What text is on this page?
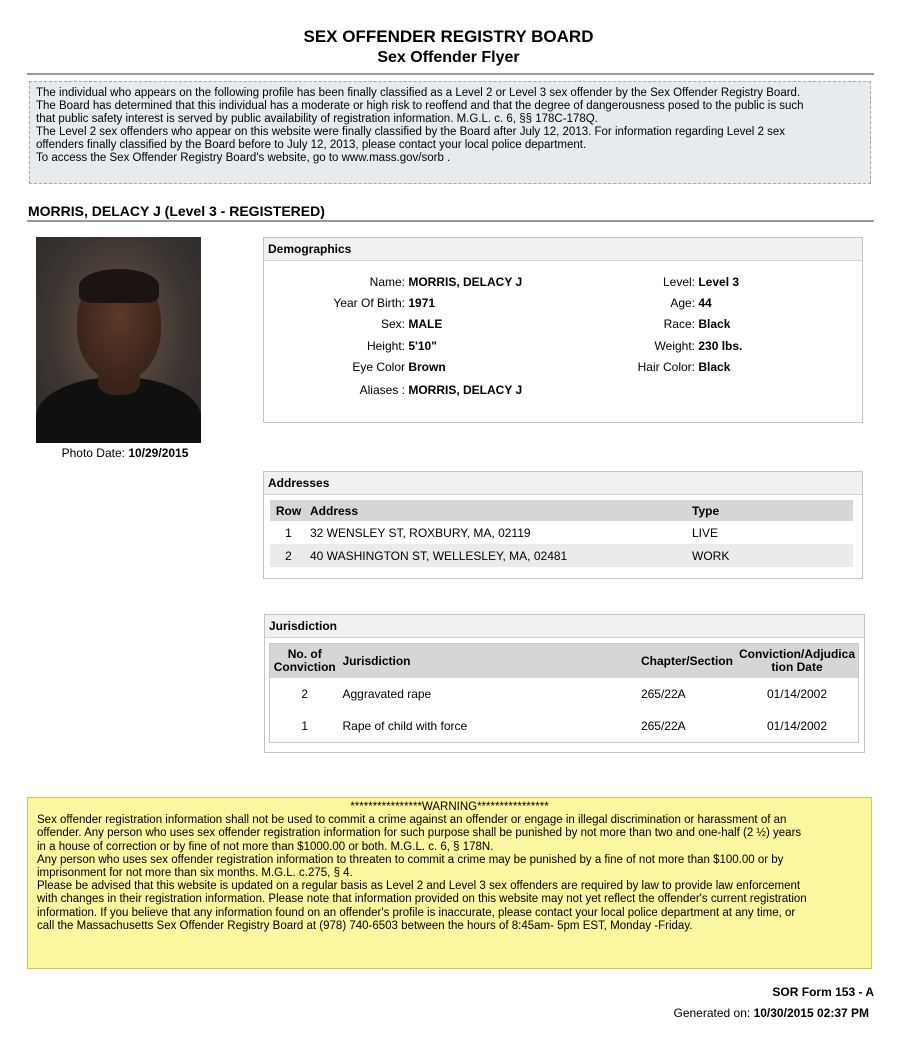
SEX OFFENDER REGISTRY BOARD
Sex Offender Flyer
The individual who appears on the following profile has been finally classified as a Level 2 or Level 3 sex offender by the Sex Offender Registry Board.
The Board has determined that this individual has a moderate or high risk to reoffend and that the degree of dangerousness posed to the public is such
that public safety interest is served by public availability of registration information. M.G.L. c. 6, §§ 178C-178Q.
The Level 2 sex offenders who appear on this website were finally classified by the Board after July 12, 2013. For information regarding Level 2 sex
offenders finally classified by the Board before to July 12, 2013, please contact your local police department.
To access the Sex Offender Registry Board's website, go to www.mass.gov/sorb .
MORRIS, DELACY J (Level 3 - REGISTERED)
Photo Date: 10/29/2015
Demographics
Name: MORRIS, DELACY J
Year Of Birth: 1971
Sex: MALE
Height: 5'10"
Eye Color Brown
Aliases : MORRIS, DELACY J
Level: Level 3
Age: 44
Race: Black
Weight: 230 lbs.
Hair Color: Black
Addresses
Row	Address	Type
1	32 WENSLEY ST, ROXBURY, MA, 02119	LIVE
2	40 WASHINGTON ST, WELLESLEY, MA, 02481	WORK
Jurisdiction
No. of
Conviction	Jurisdiction	Chapter/Section	Conviction/Adjudica
tion Date
2	Aggravated rape	265/22A	01/14/2002
1	Rape of child with force	265/22A	01/14/2002
****************WARNING****************
Sex offender registration information shall not be used to commit a crime against an offender or engage in illegal discrimination or harassment of an
offender. Any person who uses sex offender registration information for such purpose shall be punished by not more than two and one-half (2 ½) years
in a house of correction or by fine of not more than $1000.00 or both. M.G.L. c. 6, § 178N.
Any person who uses sex offender registration information to threaten to commit a crime may be punished by a fine of not more than $100.00 or by
imprisonment for not more than six months. M.G.L. c.275, § 4.
Please be advised that this website is updated on a regular basis as Level 2 and Level 3 sex offenders are required by law to provide law enforcement
with changes in their registration information. Please note that information provided on this website may not yet reflect the offender's current registration
information. If you believe that any information found on an offender's profile is inaccurate, please contact your local police department at any time, or
call the Massachusetts Sex Offender Registry Board at (978) 740-6503 between the hours of 8:45am- 5pm EST, Monday -Friday.
SOR Form 153 - A
Generated on: 10/30/2015 02:37 PM
